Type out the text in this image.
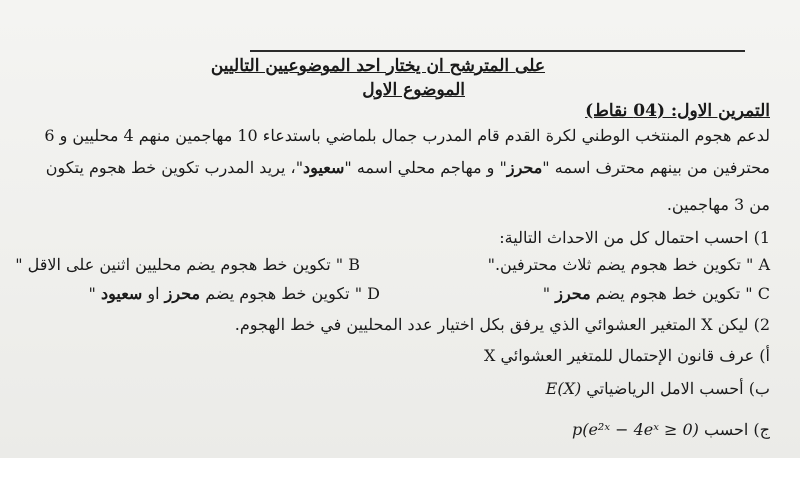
على المترشح ان يختار احد الموضوعيين التاليين
الموضوع الاول
التمرين الاول: (04 نقاط)
لدعم هجوم المنتخب الوطني لكرة القدم قام المدرب جمال بلماضي باستدعاء 10 مهاجمين منهم 4 محليين و 6
محترفين من بينهم محترف اسمه "محرز" و مهاجم محلي اسمه "سعيود"، يريد المدرب تكوين خط هجوم يتكون
من 3 مهاجمين.
1) احسب احتمال كل من الاحداث التالية:
A " تكوين خط هجوم يضم ثلاث محترفين."
B " تكوين خط هجوم يضم محليين اثنين على الاقل "
C " تكوين خط هجوم يضم محرز "
D " تكوين خط هجوم يضم محرز او سعيود "
2) ليكن X المتغير العشوائي الذي يرفق بكل اختيار عدد المحليين في خط الهجوم.
أ) عرف قانون الإحتمال للمتغير العشوائي X
ب) أحسب الامل الرياضياتي E(X)
ج) احسب p(e²ˣ − 4eˣ ≥ 0)
